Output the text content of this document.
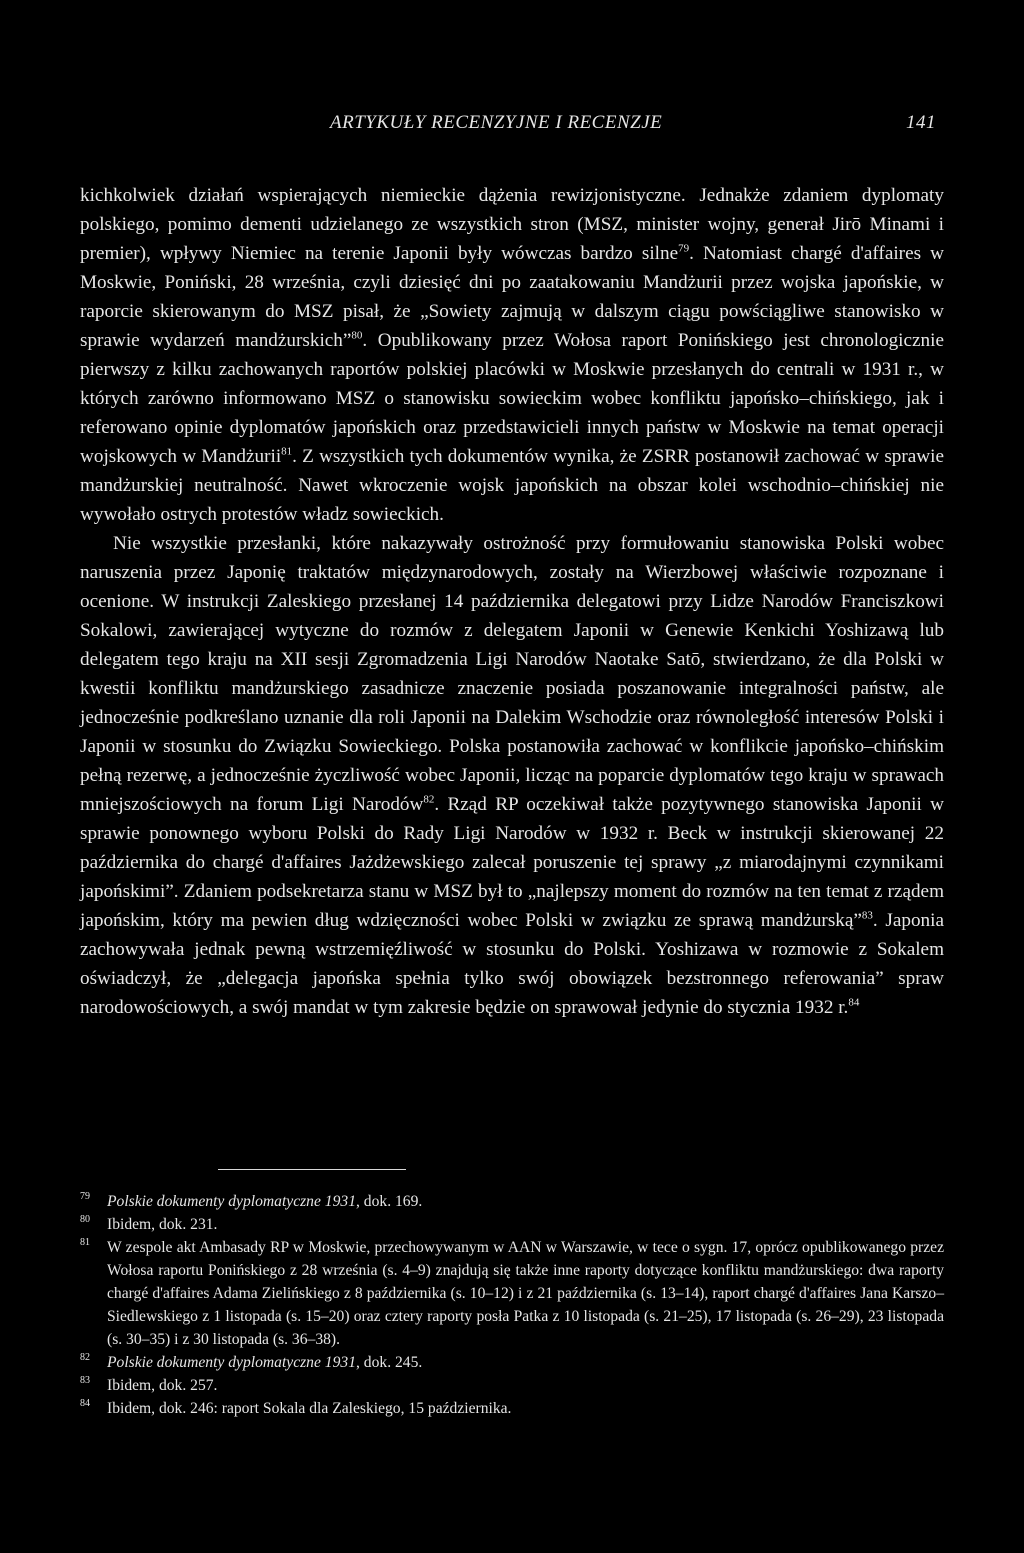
ARTYKUŁY RECENZYJNE I RECENZJE	141

kichkolwiek działań wspierających niemieckie dążenia rewizjonistyczne. Jednakże zdaniem dyplomaty polskiego, pomimo dementi udzielanego ze wszystkich stron (MSZ, minister wojny, generał Jirō Minami i premier), wpływy Niemiec na terenie Japonii były wówczas bardzo silne$^{79}$. Natomiast chargé d'affaires w Moskwie, Poniński, 28 września, czyli dziesięć dni po zaatakowaniu Mandżurii przez wojska japońskie, w raporcie skierowanym do MSZ pisał, że „Sowiety zajmują w dalszym ciągu powściągliwe stanowisko w sprawie wydarzeń mandżurskich”$^{80}$. Opublikowany przez Wołosa raport Ponińskiego jest chronologicznie pierwszy z kilku zachowanych raportów polskiej placówki w Moskwie przesłanych do centrali w 1931 r., w których zarówno informowano MSZ o stanowisku sowieckim wobec konfliktu japońsko–chińskiego, jak i referowano opinie dyplomatów japońskich oraz przedstawicieli innych państw w Moskwie na temat operacji wojskowych w Mandżurii$^{81}$. Z wszystkich tych dokumentów wynika, że ZSRR postanowił zachować w sprawie mandżurskiej neutralność. Nawet wkroczenie wojsk japońskich na obszar kolei wschodnio–chińskiej nie wywołało ostrych protestów władz sowieckich.

Nie wszystkie przesłanki, które nakazywały ostrożność przy formułowaniu stanowiska Polski wobec naruszenia przez Japonię traktatów międzynarodowych, zostały na Wierzbowej właściwie rozpoznane i ocenione. W instrukcji Zaleskiego przesłanej 14 października delegatowi przy Lidze Narodów Franciszkowi Sokalowi, zawierającej wytyczne do rozmów z delegatem Japonii w Genewie Kenkichi Yoshizawą lub delegatem tego kraju na XII sesji Zgromadzenia Ligi Narodów Naotake Satō, stwierdzano, że dla Polski w kwestii konfliktu mandżurskiego zasadnicze znaczenie posiada poszanowanie integralności państw, ale jednocześnie podkreślano uznanie dla roli Japonii na Dalekim Wschodzie oraz równoległość interesów Polski i Japonii w stosunku do Związku Sowieckiego. Polska postanowiła zachować w konflikcie japońsko–chińskim pełną rezerwę, a jednocześnie życzliwość wobec Japonii, licząc na poparcie dyplomatów tego kraju w sprawach mniejszościowych na forum Ligi Narodów$^{82}$. Rząd RP oczekiwał także pozytywnego stanowiska Japonii w sprawie ponownego wyboru Polski do Rady Ligi Narodów w 1932 r. Beck w instrukcji skierowanej 22 października do chargé d'affaires Jażdżewskiego zalecał poruszenie tej sprawy „z miarodajnymi czynnikami japońskimi”. Zdaniem podsekretarza stanu w MSZ był to „najlepszy moment do rozmów na ten temat z rządem japońskim, który ma pewien dług wdzięczności wobec Polski w związku ze sprawą mandżurską”$^{83}$. Japonia zachowywała jednak pewną wstrzemięźliwość w stosunku do Polski. Yoshizawa w rozmowie z Sokalem oświadczył, że „delegacja japońska spełnia tylko swój obowiązek bezstronnego referowania” spraw narodowościowych, a swój mandat w tym zakresie będzie on sprawował jedynie do stycznia 1932 r.$^{84}$

79 Polskie dokumenty dyplomatyczne 1931, dok. 169.
80 Ibidem, dok. 231.
81 W zespole akt Ambasady RP w Moskwie, przechowywanym w AAN w Warszawie, w tece o sygn. 17, oprócz opublikowanego przez Wołosa raportu Ponińskiego z 28 września (s. 4–9) znajdują się także inne raporty dotyczące konfliktu mandżurskiego: dwa raporty chargé d'affaires Adama Zielińskiego z 8 października (s. 10–12) i z 21 października (s. 13–14), raport chargé d'affaires Jana Karszo–Siedlewskiego z 1 listopada (s. 15–20) oraz cztery raporty posła Patka z 10 listopada (s. 21–25), 17 listopada (s. 26–29), 23 listopada (s. 30–35) i z 30 listopada (s. 36–38).
82 Polskie dokumenty dyplomatyczne 1931, dok. 245.
83 Ibidem, dok. 257.
84 Ibidem, dok. 246: raport Sokala dla Zaleskiego, 15 października.
